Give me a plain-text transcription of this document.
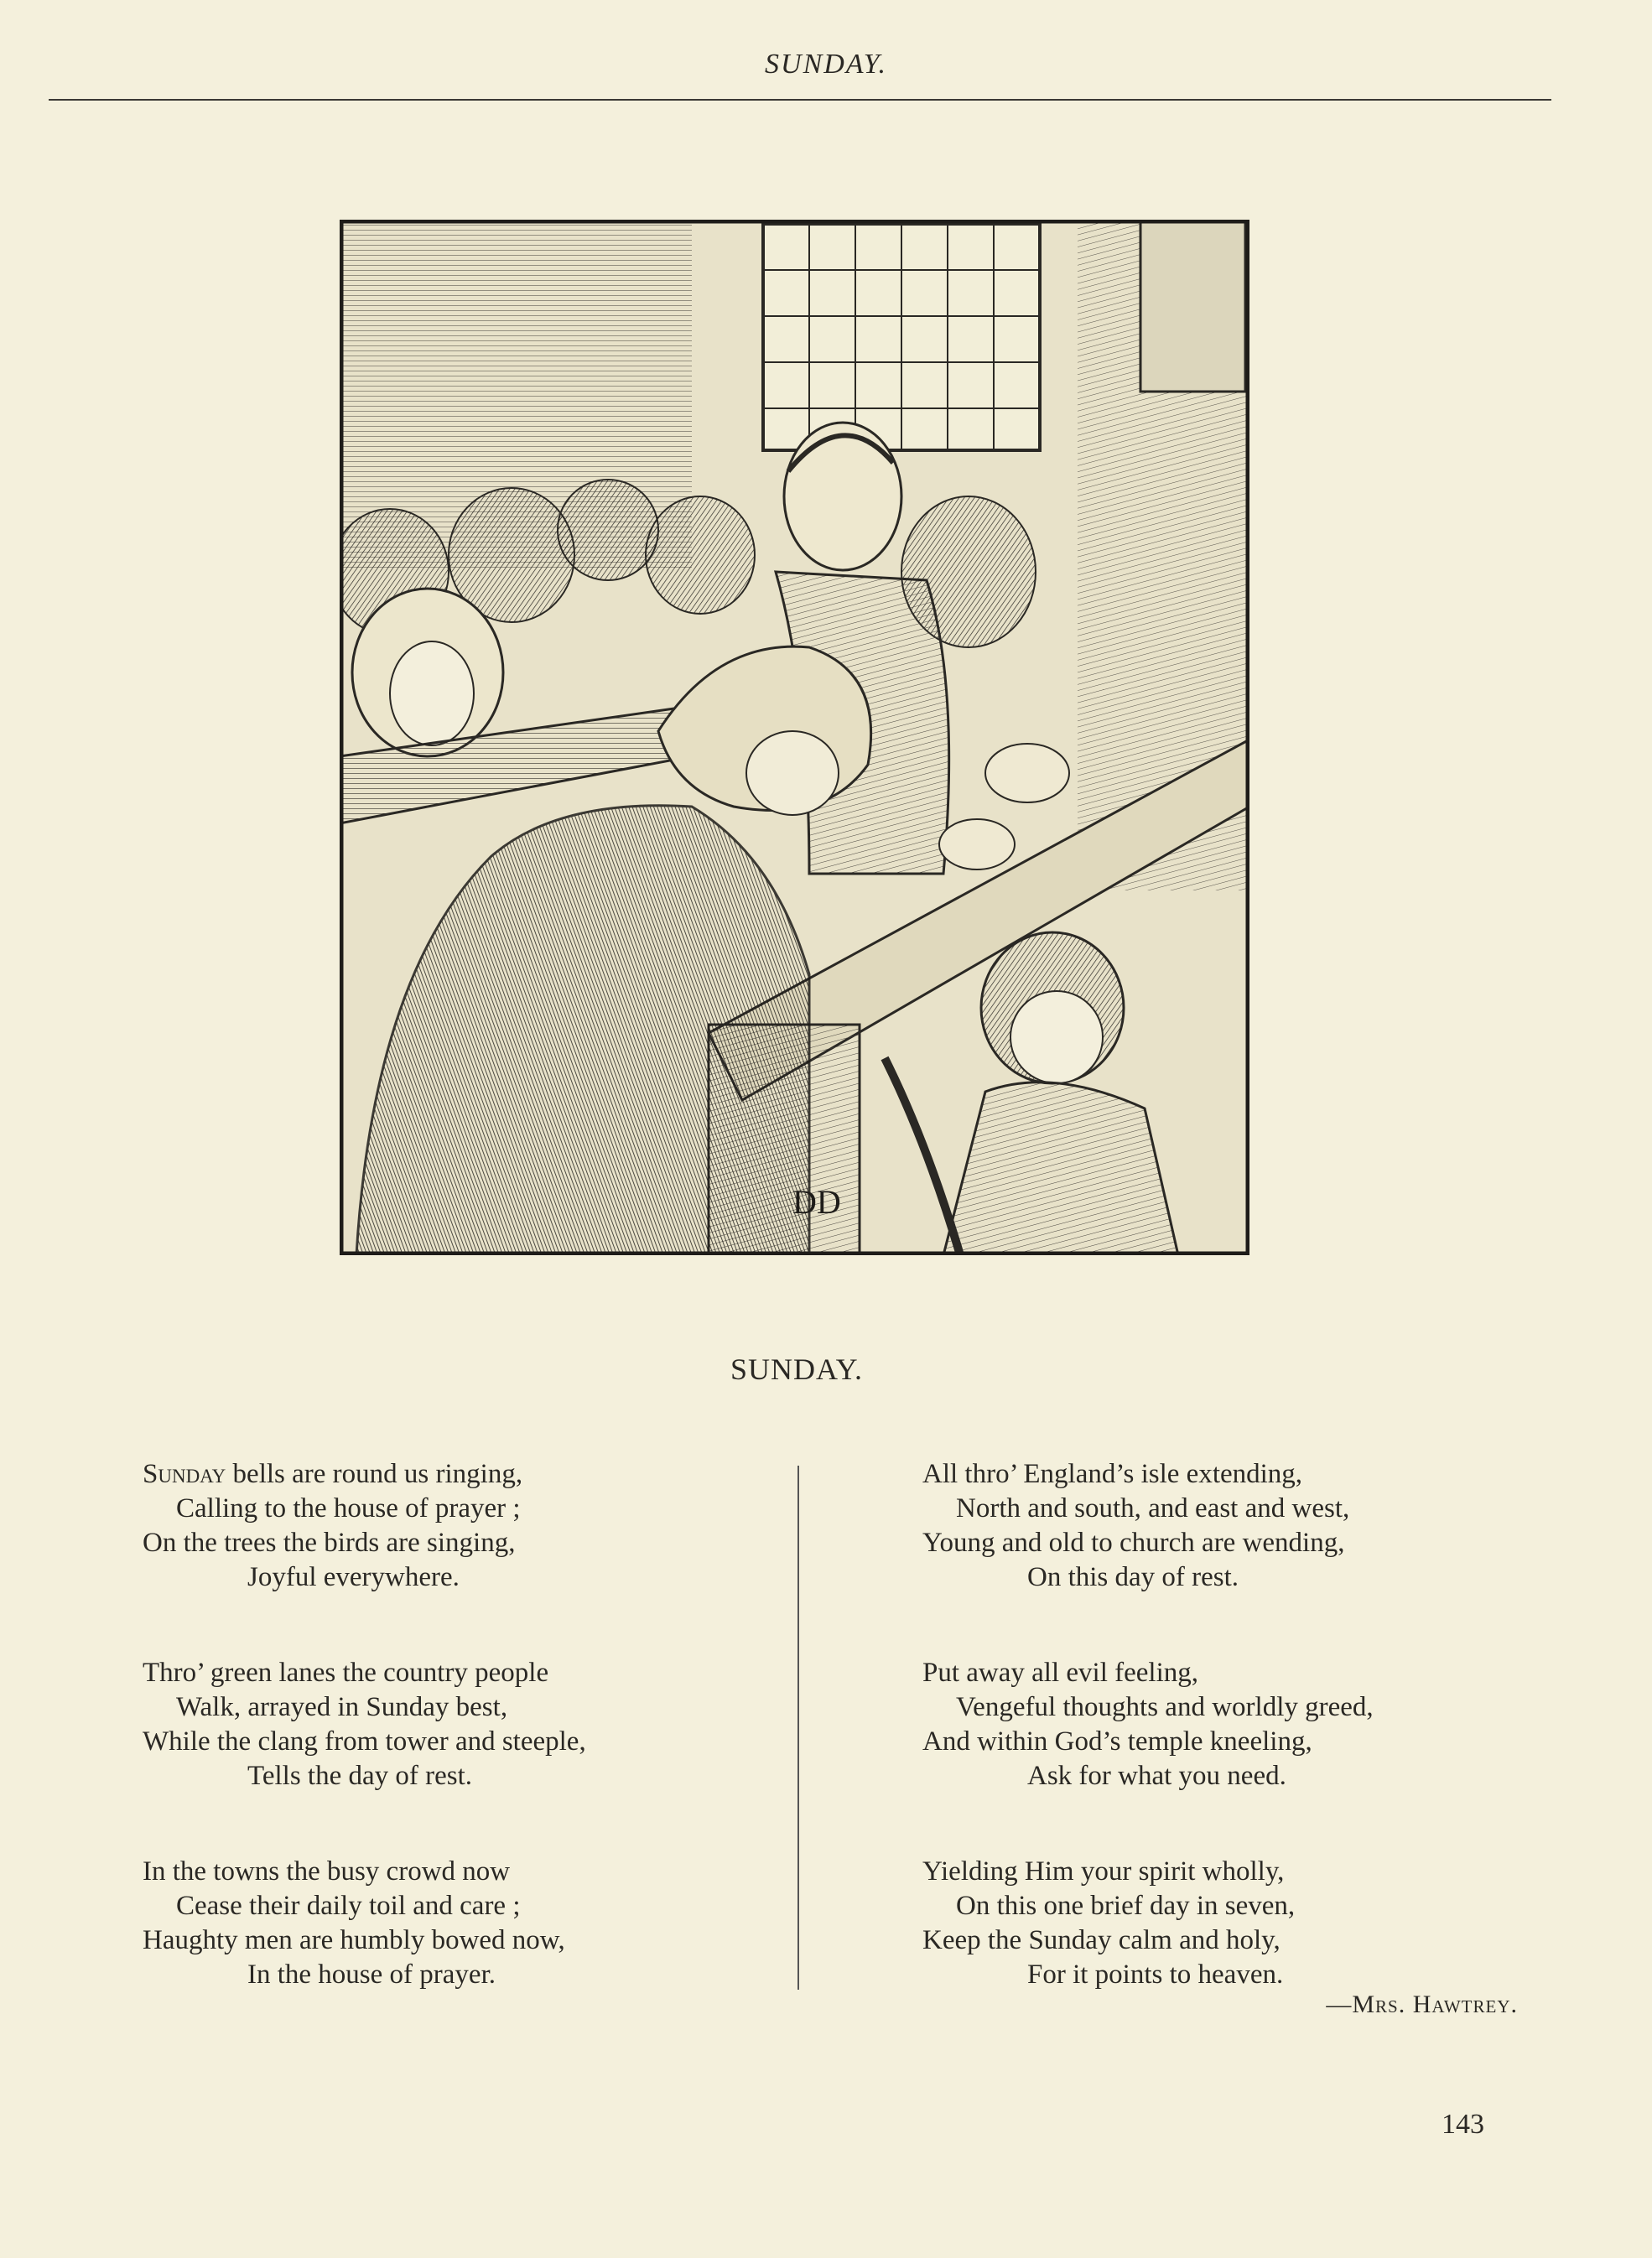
SUNDAY.
DD
SUNDAY.
Sunday bells are round us ringing,
Calling to the house of prayer ;
On the trees the birds are singing,
Joyful everywhere.
Thro’ green lanes the country people
Walk, arrayed in Sunday best,
While the clang from tower and steeple,
Tells the day of rest.
In the towns the busy crowd now
Cease their daily toil and care ;
Haughty men are humbly bowed now,
In the house of prayer.
All thro’ England’s isle extending,
North and south, and east and west,
Young and old to church are wending,
On this day of rest.
Put away all evil feeling,
Vengeful thoughts and worldly greed,
And within God’s temple kneeling,
Ask for what you need.
Yielding Him your spirit wholly,
On this one brief day in seven,
Keep the Sunday calm and holy,
For it points to heaven.
—Mrs. Hawtrey.
143
